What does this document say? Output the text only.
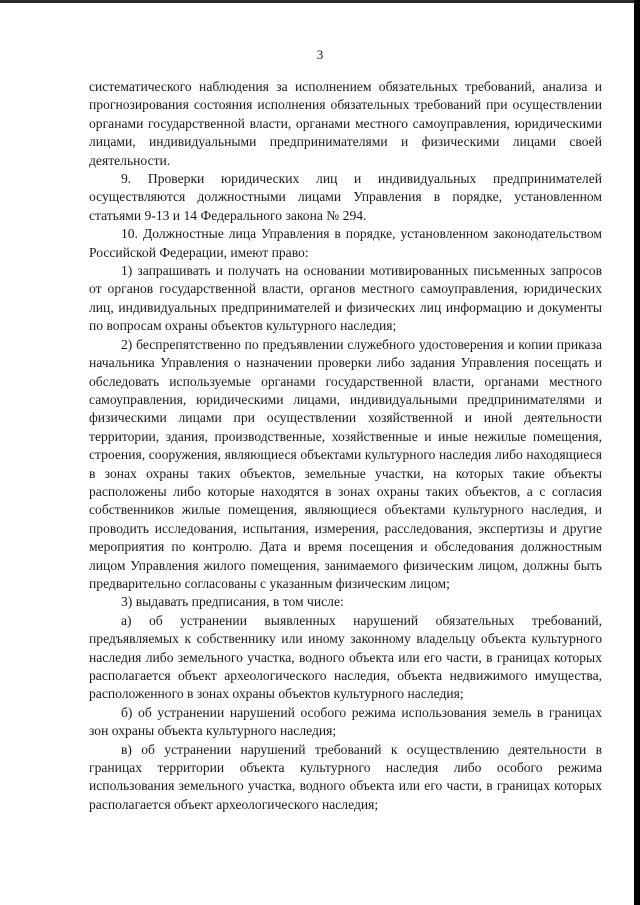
3

систематического наблюдения за исполнением обязательных требований, анализа и прогнозирования состояния исполнения обязательных требований при осуществлении органами государственной власти, органами местного самоуправления, юридическими лицами, индивидуальными предпринимателями и физическими лицами своей деятельности.

9. Проверки юридических лиц и индивидуальных предпринимателей осуществляются должностными лицами Управления в порядке, установленном статьями 9-13 и 14 Федерального закона № 294.

10. Должностные лица Управления в порядке, установленном законодательством Российской Федерации, имеют право:

1) запрашивать и получать на основании мотивированных письменных запросов от органов государственной власти, органов местного самоуправления, юридических лиц, индивидуальных предпринимателей и физических лиц информацию и документы по вопросам охраны объектов культурного наследия;

2) беспрепятственно по предъявлении служебного удостоверения и копии приказа начальника Управления о назначении проверки либо задания Управления посещать и обследовать используемые органами государственной власти, органами местного самоуправления, юридическими лицами, индивидуальными предпринимателями и физическими лицами при осуществлении хозяйственной и иной деятельности территории, здания, производственные, хозяйственные и иные нежилые помещения, строения, сооружения, являющиеся объектами культурного наследия либо находящиеся в зонах охраны таких объектов, земельные участки, на которых такие объекты расположены либо которые находятся в зонах охраны таких объектов, а с согласия собственников жилые помещения, являющиеся объектами культурного наследия, и проводить исследования, испытания, измерения, расследования, экспертизы и другие мероприятия по контролю. Дата и время посещения и обследования должностным лицом Управления жилого помещения, занимаемого физическим лицом, должны быть предварительно согласованы с указанным физическим лицом;

3) выдавать предписания, в том числе:

а) об устранении выявленных нарушений обязательных требований, предъявляемых к собственнику или иному законному владельцу объекта культурного наследия либо земельного участка, водного объекта или его части, в границах которых располагается объект археологического наследия, объекта недвижимого имущества, расположенного в зонах охраны объектов культурного наследия;

б) об устранении нарушений особого режима использования земель в границах зон охраны объекта культурного наследия;

в) об устранении нарушений требований к осуществлению деятельности в границах территории объекта культурного наследия либо особого режима использования земельного участка, водного объекта или его части, в границах которых располагается объект археологического наследия;
